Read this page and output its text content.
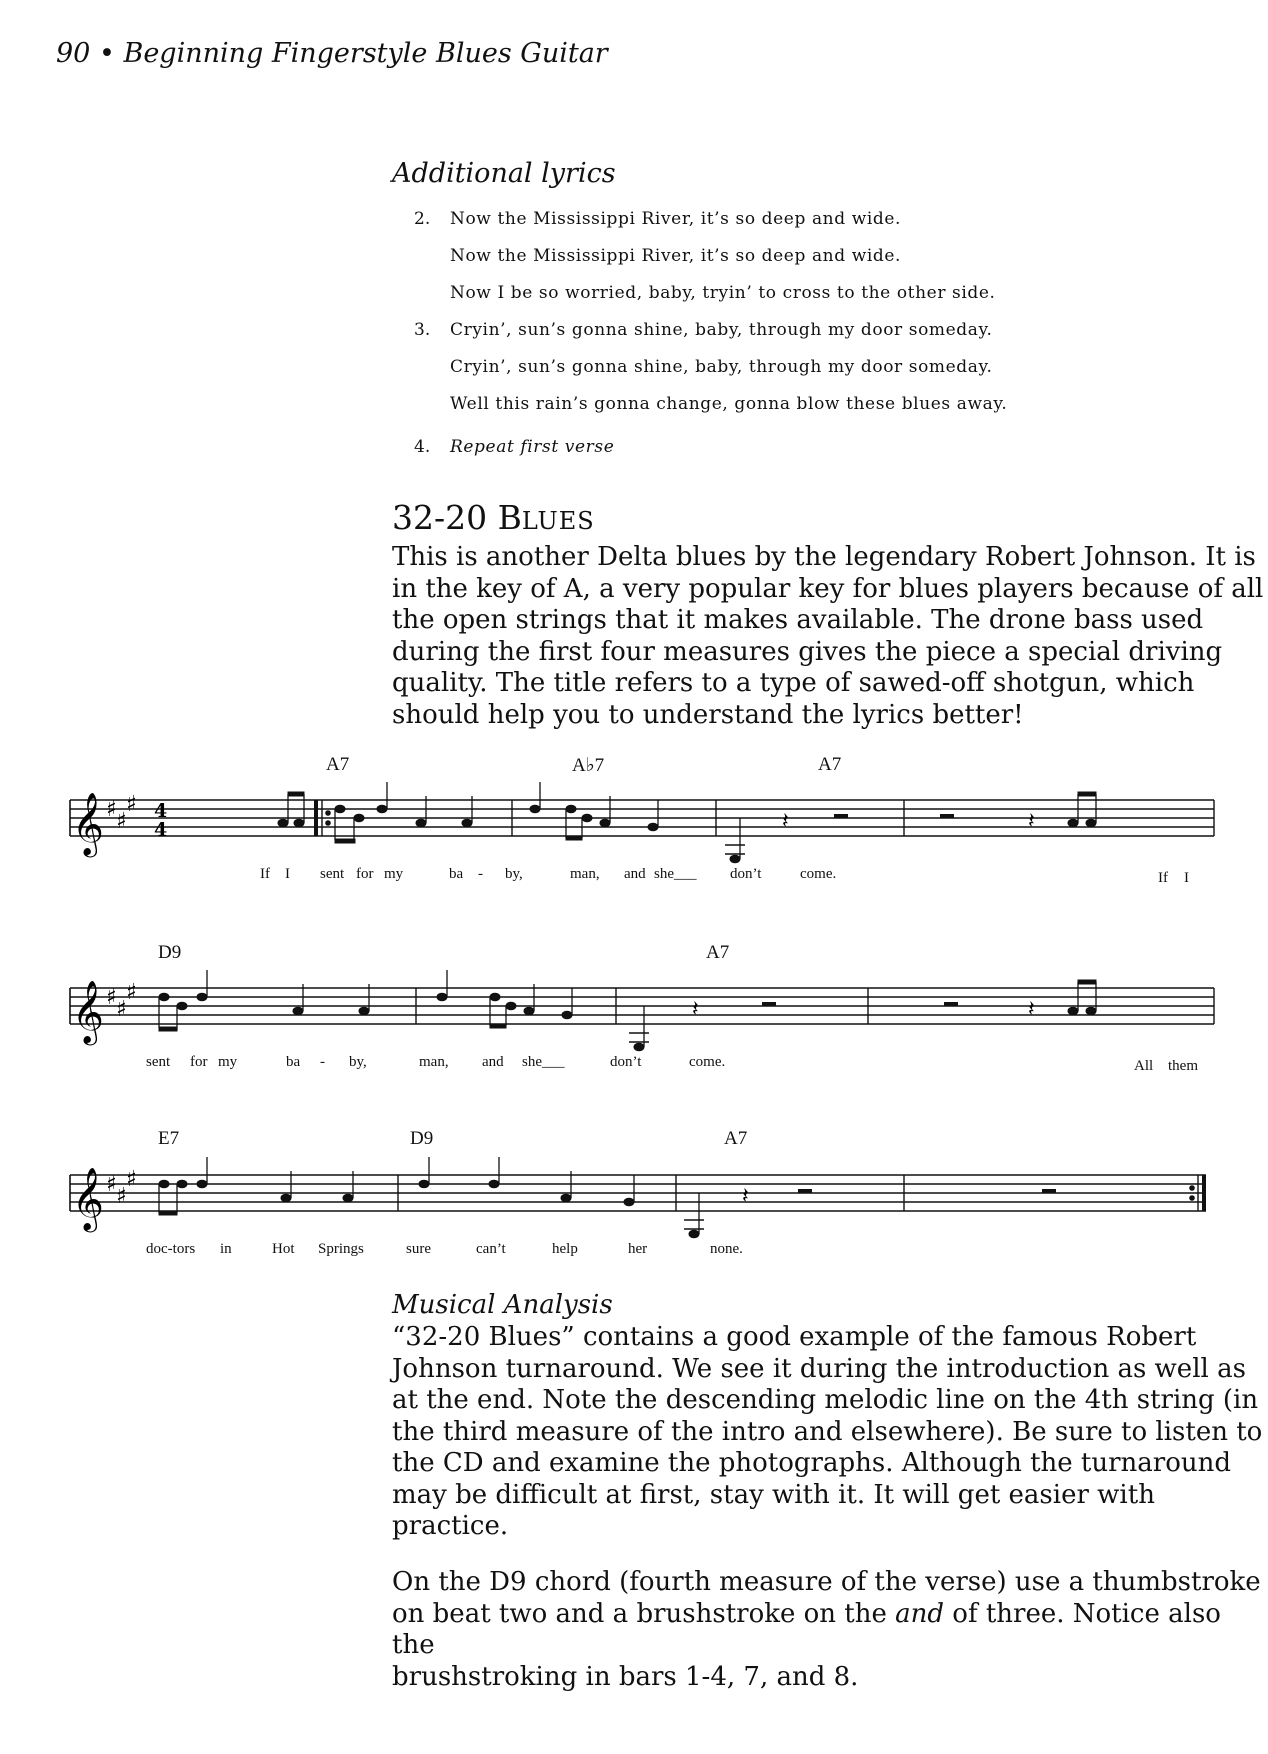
90 • Beginning Fingerstyle Blues Guitar
Additional lyrics
2. Now the Mississippi River, it’s so deep and wide.
Now the Mississippi River, it’s so deep and wide.
Now I be so worried, baby, tryin’ to cross to the other side.
3. Cryin’, sun’s gonna shine, baby, through my door someday.
Cryin’, sun’s gonna shine, baby, through my door someday.
Well this rain’s gonna change, gonna blow these blues away.
4. Repeat first verse
32-20 BLUES
This is another Delta blues by the legendary Robert Johnson. It is
in the key of A, a very popular key for blues players because of all
the open strings that it makes available. The drone bass used
during the first four measures gives the piece a special driving
quality. The title refers to a type of sawed-off shotgun, which
should help you to understand the lyrics better!
A7	A♭7	A7
𝄞 ♯ ♯
♯ 4
4	𝄽	𝄽
If I sent for my	ba - by,	man, and she___ don’t	come.	If I
D9	A7
𝄞 ♯ ♯
♯
𝄽	𝄽
sent for my	ba - by,	man, and she___	don’t	come.	All them
E7	D9	A7
𝄞 ♯ ♯
♯
𝄽
doc-tors in	Hot Springs	sure	can’t	help	her	none.
Musical Analysis
“32-20 Blues” contains a good example of the famous Robert
Johnson turnaround. We see it during the introduction as well as
at the end. Note the descending melodic line on the 4th string (in
the third measure of the intro and elsewhere). Be sure to listen to
the CD and examine the photographs. Although the turnaround
may be difficult at first, stay with it. It will get easier with
practice.
On the D9 chord (fourth measure of the verse) use a thumbstroke
on beat two and a brushstroke on the and of three. Notice also the
brushstroking in bars 1-4, 7, and 8.
